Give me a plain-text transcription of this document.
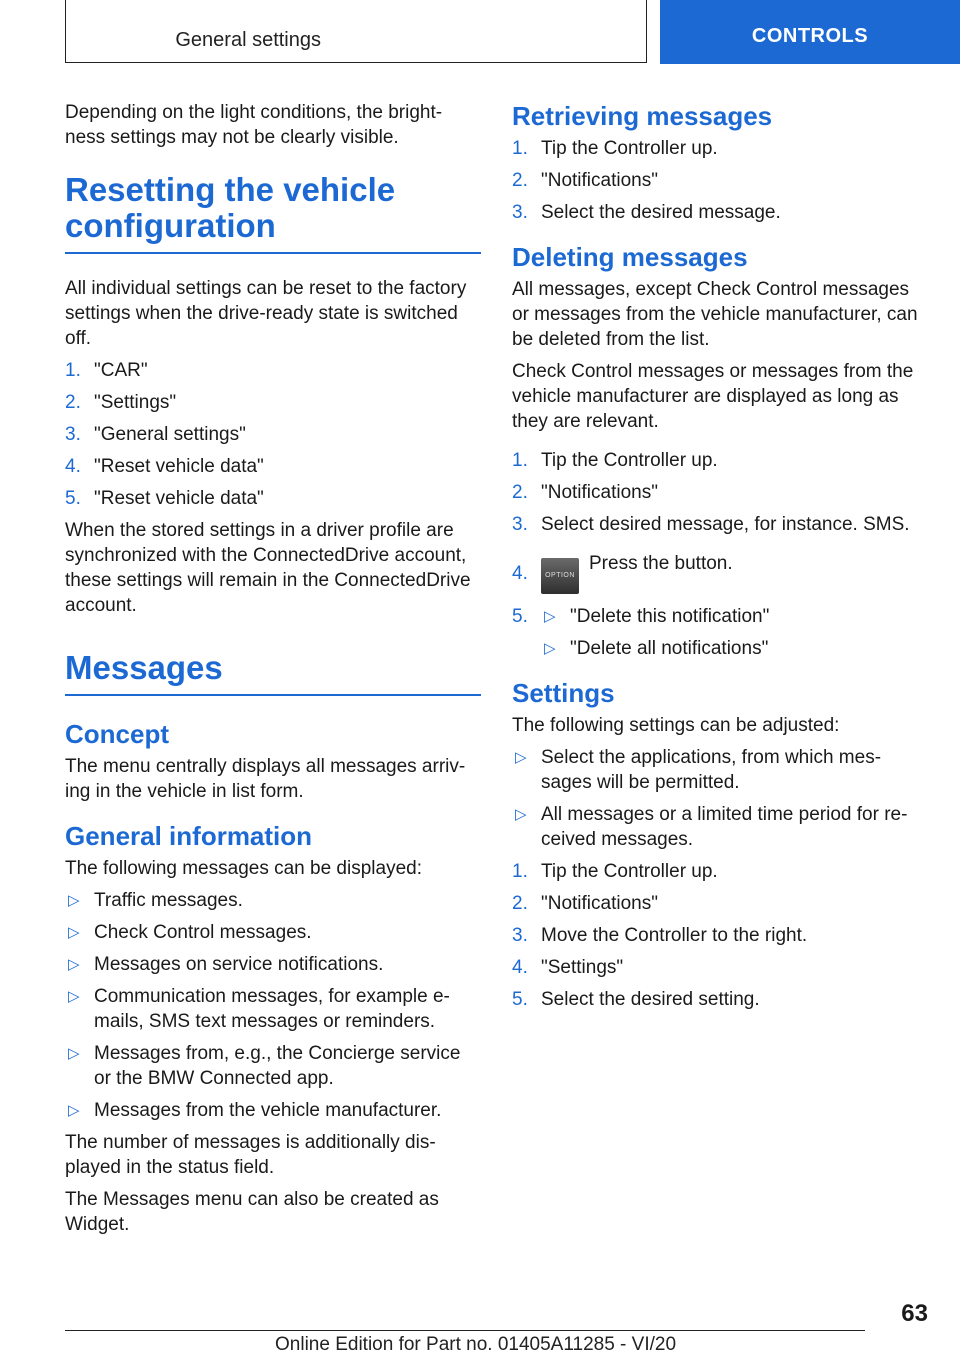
General settings	CONTROLS

Depending on the light conditions, the bright‐ness settings may not be clearly visible.

Resetting the vehicle configuration

All individual settings can be reset to the factory settings when the drive-ready state is switched off.

1. "CAR"
2. "Settings"
3. "General settings"
4. "Reset vehicle data"
5. "Reset vehicle data"

When the stored settings in a driver profile are synchronized with the ConnectedDrive account, these settings will remain in the ConnectedDrive account.

Messages
Concept

The menu centrally displays all messages arriv‐ing in the vehicle in list form.

General information

The following messages can be displayed:

▷ Traffic messages.
▷ Check Control messages.
▷ Messages on service notifications.
▷ Communication messages, for example e-mails, SMS text messages or reminders.
▷ Messages from, e.g., the Concierge service or the BMW Connected app.
▷ Messages from the vehicle manufacturer.

The number of messages is additionally dis‐played in the status field.

The Messages menu can also be created as Widget.

Retrieving messages
1. Tip the Controller up.
2. "Notifications"
3. Select the desired message.
Deleting messages

All messages, except Check Control messages or messages from the vehicle manufacturer, can be deleted from the list.

Check Control messages or messages from the vehicle manufacturer are displayed as long as they are relevant.

1. Tip the Controller up.
2. "Notifications"
3. Select desired message, for instance. SMS.
4. OPTIONPress the button.
5. ▷ "Delete this notification"
▷ "Delete all notifications"
Settings

The following settings can be adjusted:

▷ Select the applications, from which mes‐sages will be permitted.
▷ All messages or a limited time period for re‐ceived messages.
1. Tip the Controller up.
2. "Notifications"
3. Move the Controller to the right.
4. "Settings"
5. Select the desired setting.
63
Online Edition for Part no. 01405A11285 - VI/20
